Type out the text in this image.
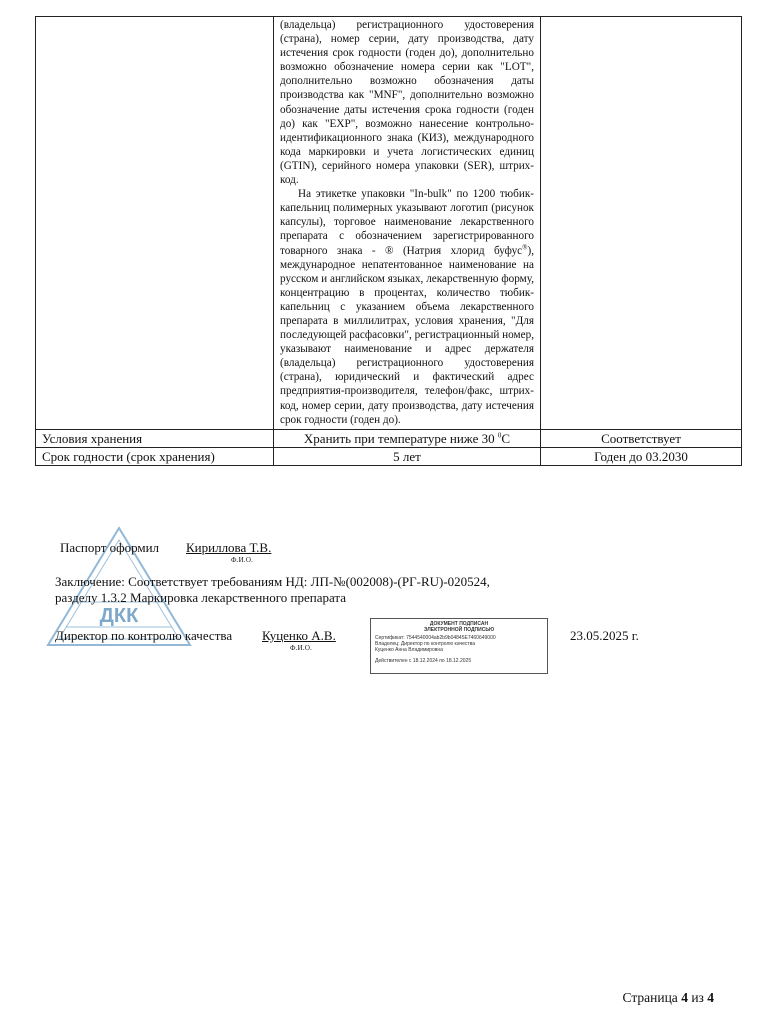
	(владельца) регистрационного удостоверения (страна), номер серии, дату производства, дату истечения срок годности (годен до), дополнительно возможно обозначение номера серии как "LOT", дополнительно возможно обозначения даты производства как "MNF", дополнительно возможно обозначение даты истечения срока годности (годен до) как "EXP", возможно нанесение контрольно-идентификационного знака (КИЗ), международного кода маркировки и учета логистических единиц (GTIN), серийного номера упаковки (SER), штрих-код.

На этикетке упаковки "In-bulk" по 1200 тюбик-капельниц полимерных указывают логотип (рисунок капсулы), торговое наименование лекарственного препарата с обозначением зарегистрированного товарного знака - ® (Натрия хлорид буфус®), международное непатентованное наименование на русском и английском языках, лекарственную форму, концентрацию в процентах, количество тюбик-капельниц с указанием объема лекарственного препарата в миллилитрах, условия хранения, "Для последующей расфасовки", регистрационный номер, указывают наименование и адрес держателя (владельца) регистрационного удостоверения (страна), юридический и фактический адрес предприятия-производителя, телефон/факс, штрих-код, номер серии, дату производства, дату истечения срок годности (годен до).	

Условия хранения	Хранить при температуре ниже 30 $^0$С	Соответствует
Срок годности (срок хранения)	5 лет	Годен до 03.2030
ДКК
Паспорт оформил Кириллова Т.В.
Ф.И.О.
Заключение: Соответствует требованиям НД: ЛП-№(002008)-(РГ-RU)-020524,
разделу 1.3.2 Маркировка лекарственного препарата
Директор по контролю качества Куценко А.В.
Ф.И.О.
23.05.2025 г.
ДОКУМЕНТ ПОДПИСАН
ЭЛЕКТРОННОЙ ПОДПИСЬЮ
Сертификат: 7544540004ab2b9b04845E7460649000
Владелец: Директор по контролю качества
Куценко Анна Владимировна
Действителен с 18.12.2024 по 18.12.2025
Страница 4 из 4
